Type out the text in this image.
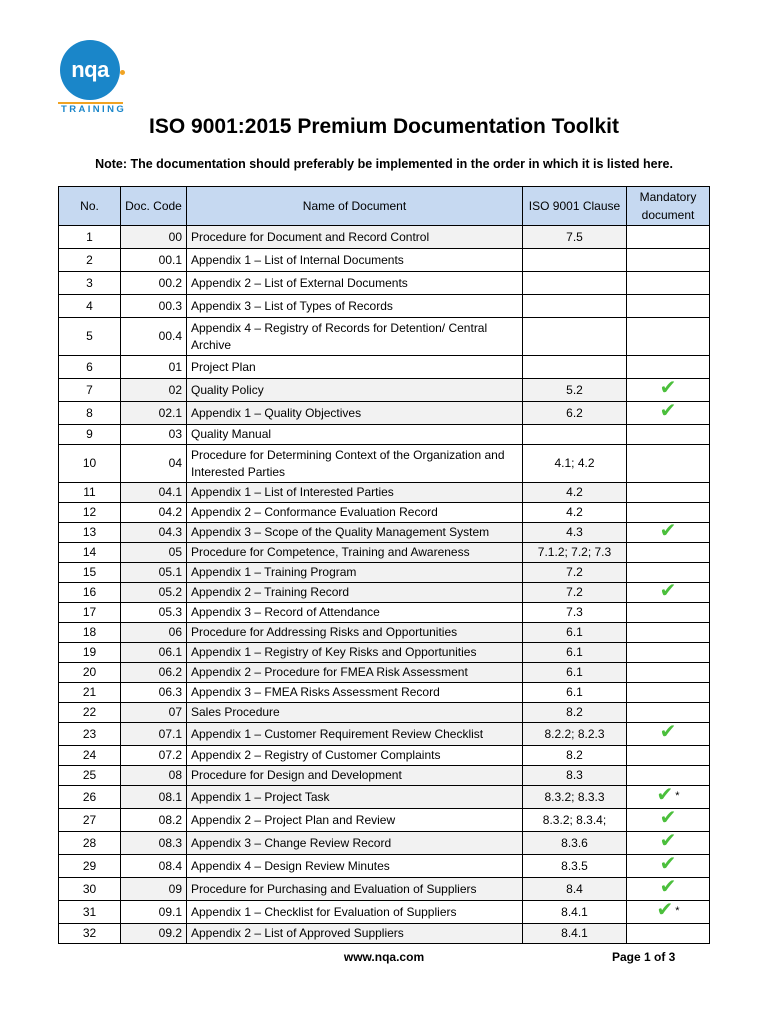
nqa
TRAINING
ISO 9001:2015 Premium Documentation Toolkit
Note: The documentation should preferably be implemented in the order in which it is listed here.
No.	Doc. Code	Name of Document	ISO 9001 Clause	Mandatory document
1	00	Procedure for Document and Record Control	7.5	
2	00.1	Appendix 1 – List of Internal Documents		
3	00.2	Appendix 2 – List of External Documents		
4	00.3	Appendix 3 – List of Types of Records		
5	00.4	Appendix 4 – Registry of Records for Detention/ Central Archive		
6	01	Project Plan		
7	02	Quality Policy	5.2	✔
8	02.1	Appendix 1 – Quality Objectives	6.2	✔
9	03	Quality Manual		
10	04	Procedure for Determining Context of the Organization and Interested Parties	4.1; 4.2	
11	04.1	Appendix 1 – List of Interested Parties	4.2	
12	04.2	Appendix 2 – Conformance Evaluation Record	4.2	
13	04.3	Appendix 3 – Scope of the Quality Management System	4.3	✔
14	05	Procedure for Competence, Training and Awareness	7.1.2; 7.2; 7.3	
15	05.1	Appendix 1 – Training Program	7.2	
16	05.2	Appendix 2 – Training Record	7.2	✔
17	05.3	Appendix 3 – Record of Attendance	7.3	
18	06	Procedure for Addressing Risks and Opportunities	6.1	
19	06.1	Appendix 1 – Registry of Key Risks and Opportunities	6.1	
20	06.2	Appendix 2 – Procedure for FMEA Risk Assessment	6.1	
21	06.3	Appendix 3 – FMEA Risks Assessment Record	6.1	
22	07	Sales Procedure	8.2	
23	07.1	Appendix 1 – Customer Requirement Review Checklist	8.2.2; 8.2.3	✔
24	07.2	Appendix 2 – Registry of Customer Complaints	8.2	
25	08	Procedure for Design and Development	8.3	
26	08.1	Appendix 1 – Project Task	8.3.2; 8.3.3	✔ *
27	08.2	Appendix 2 – Project Plan and Review	8.3.2; 8.3.4;	✔
28	08.3	Appendix 3 – Change Review Record	8.3.6	✔
29	08.4	Appendix 4 – Design Review Minutes	8.3.5	✔
30	09	Procedure for Purchasing and Evaluation of Suppliers	8.4	✔
31	09.1	Appendix 1 – Checklist for Evaluation of Suppliers	8.4.1	✔ *
32	09.2	Appendix 2 – List of Approved Suppliers	8.4.1	
www.nqa.com	Page 1 of 3
